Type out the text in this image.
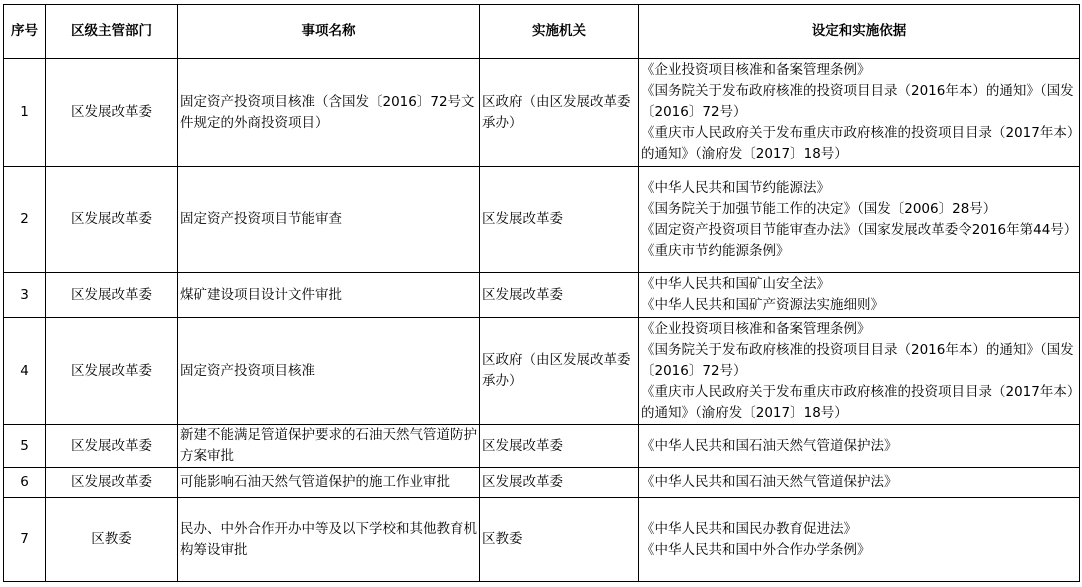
序号	区级主管部门	事项名称	实施机关	设定和实施依据
1	区发展改革委	固定资产投资项目核准（含国发〔2016〕72号文件规定的外商投资项目）	区政府（由区发展改革委承办）	《企业投资项目核准和备案管理条例》
《国务院关于发布政府核准的投资项目目录（2016年本）的通知》（国发〔2016〕72号）
《重庆市人民政府关于发布重庆市政府核准的投资项目目录（2017年本）的通知》（渝府发〔2017〕18号）

2	区发展改革委	固定资产投资项目节能审查	区发展改革委	《中华人民共和国节约能源法》
《国务院关于加强节能工作的决定》（国发〔2006〕28号）
《固定资产投资项目节能审查办法》（国家发展改革委令2016年第44号）
《重庆市节约能源条例》

3	区发展改革委	煤矿建设项目设计文件审批	区发展改革委	《中华人民共和国矿山安全法》
《中华人民共和国矿产资源法实施细则》

4	区发展改革委	固定资产投资项目核准	区政府（由区发展改革委承办）	《企业投资项目核准和备案管理条例》
《国务院关于发布政府核准的投资项目目录（2016年本）的通知》（国发〔2016〕72号）
《重庆市人民政府关于发布重庆市政府核准的投资项目目录（2017年本）的通知》（渝府发〔2017〕18号）

5	区发展改革委	新建不能满足管道保护要求的石油天然气管道防护方案审批	区发展改革委	《中华人民共和国石油天然气管道保护法》

6	区发展改革委	可能影响石油天然气管道保护的施工作业审批	区发展改革委	《中华人民共和国石油天然气管道保护法》

7	区教委	民办、中外合作开办中等及以下学校和其他教育机构筹设审批	区教委	《中华人民共和国民办教育促进法》
《中华人民共和国中外合作办学条例》
